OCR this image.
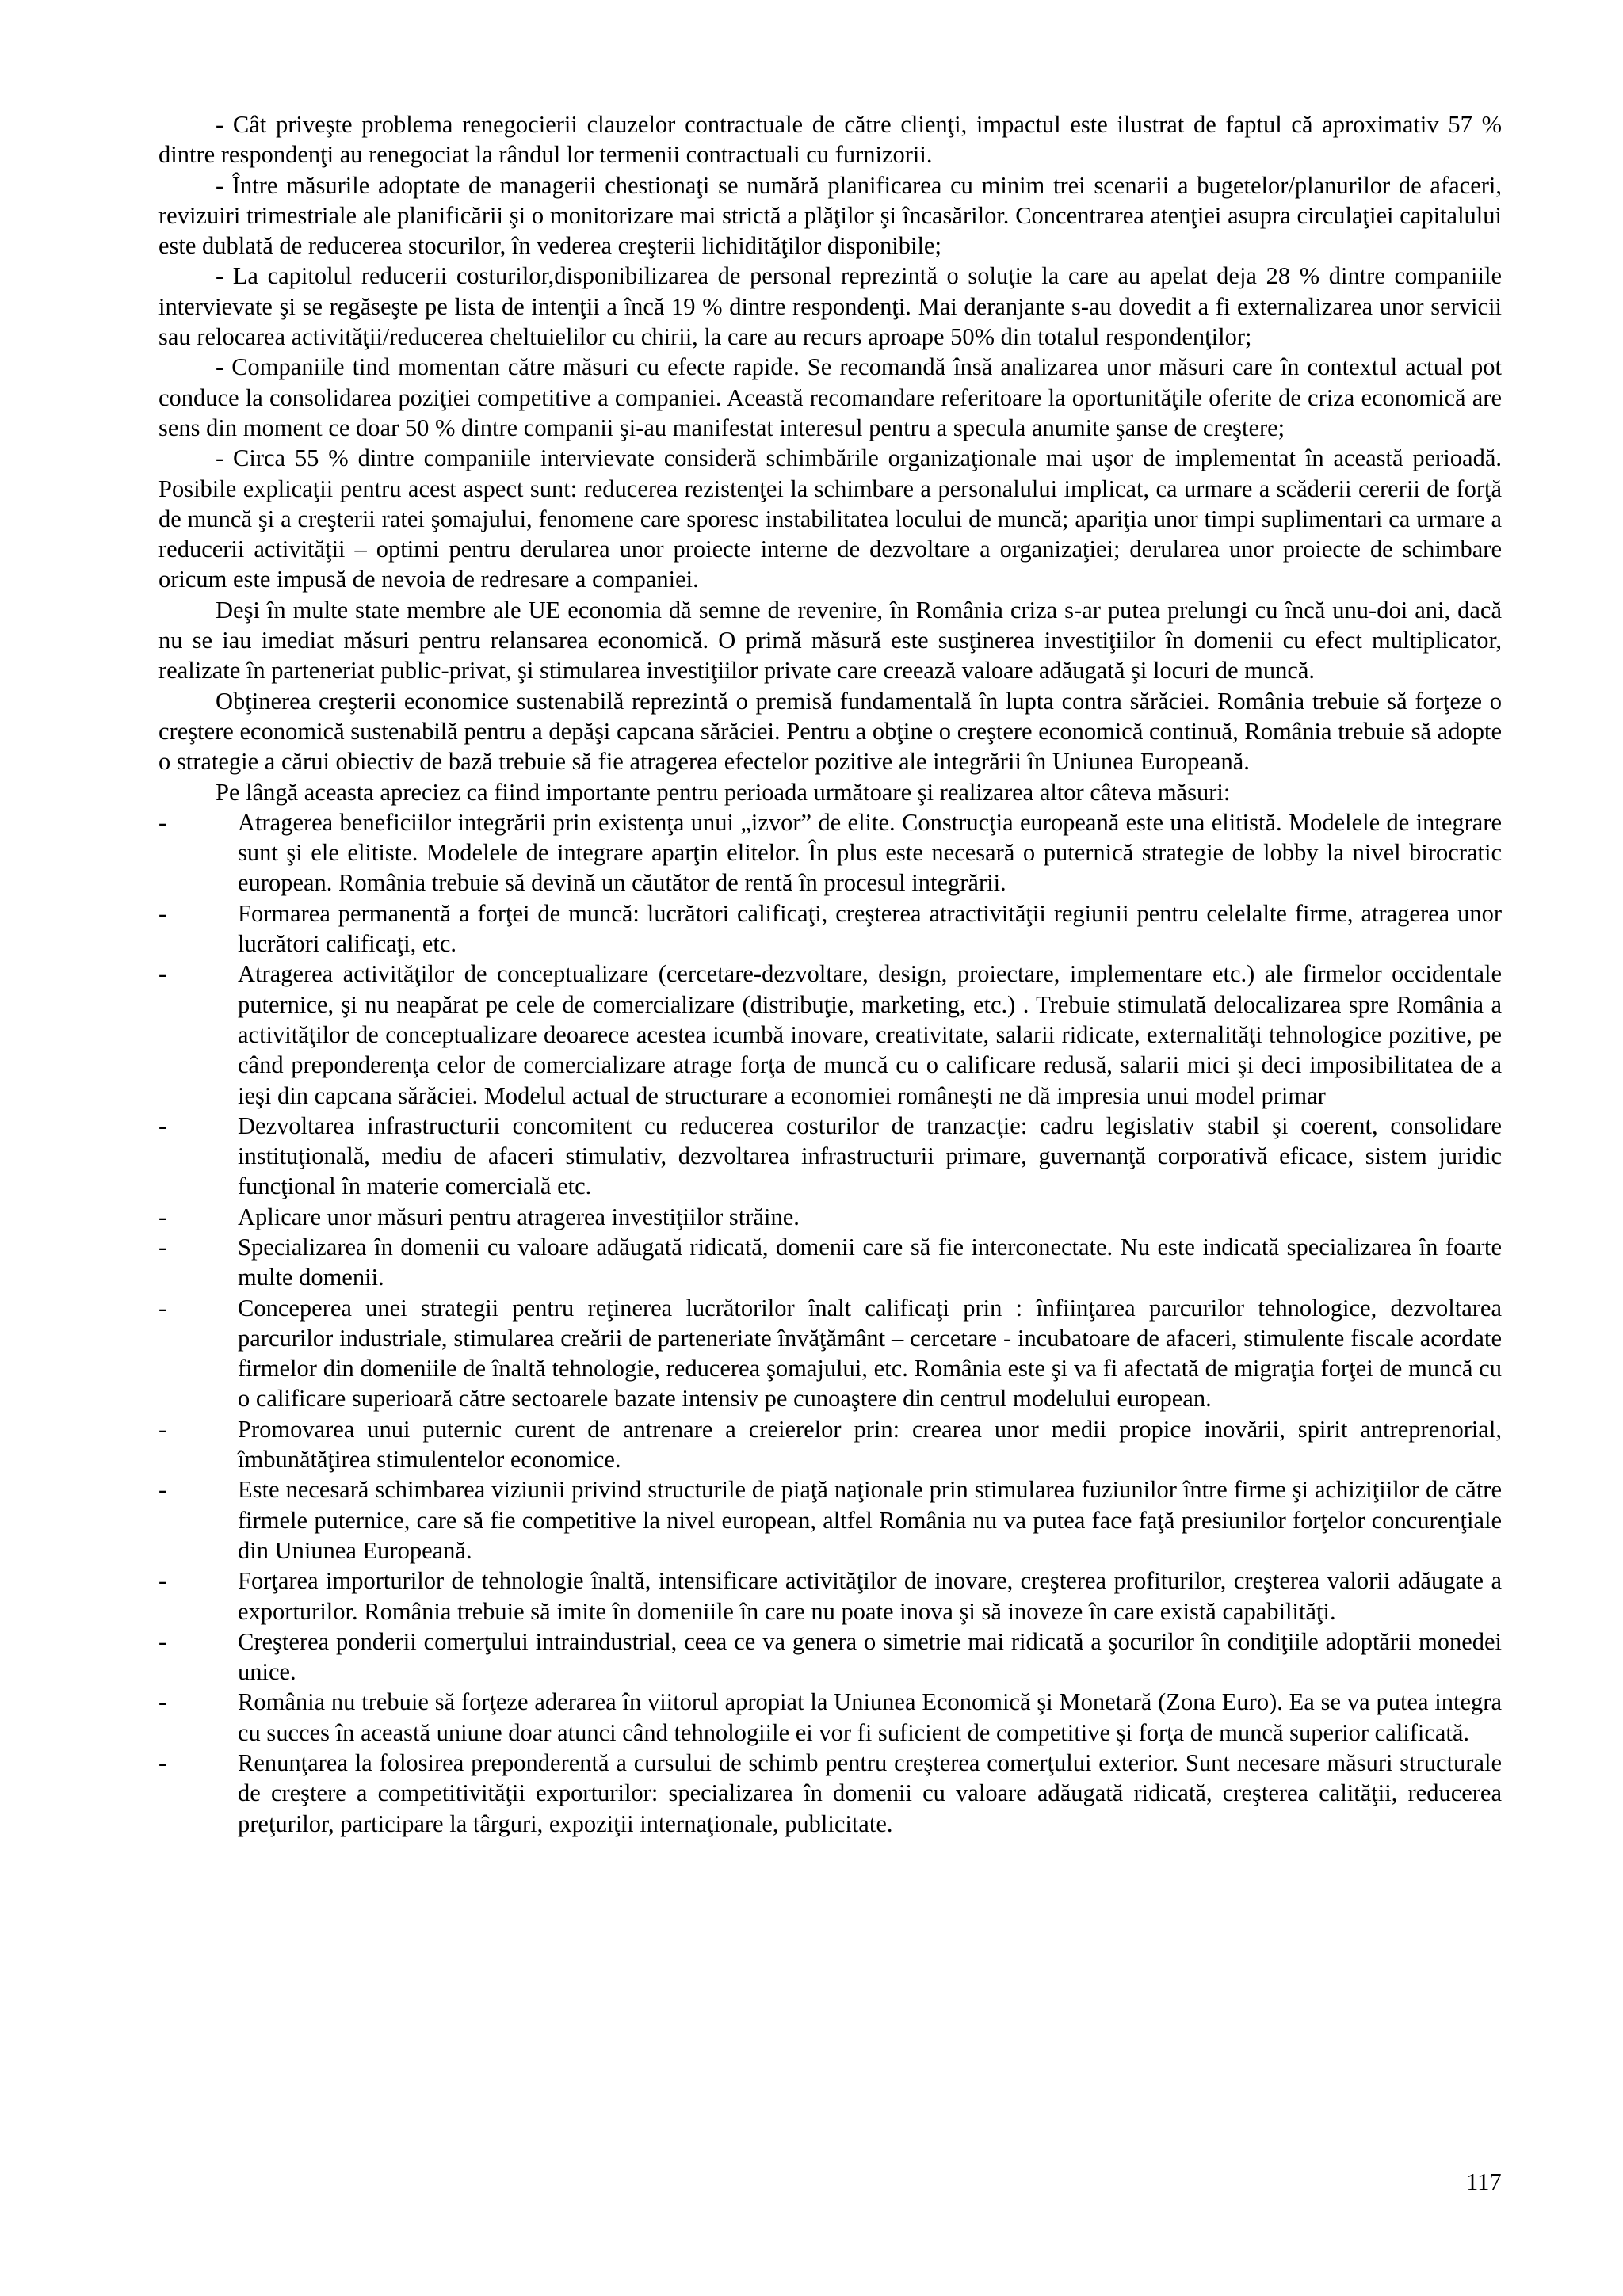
- Cât priveşte problema renegocierii clauzelor contractuale de către clienţi, impactul este ilustrat de faptul că aproximativ 57 % dintre respondenţi au renegociat la rândul lor termenii contractuali cu furnizorii.

- Între măsurile adoptate de managerii chestionaţi se numără planificarea cu minim trei scenarii a bugetelor/planurilor de afaceri, revizuiri trimestriale ale planificării şi o monitorizare mai strictă a plăţilor şi încasărilor. Concentrarea atenţiei asupra circulaţiei capitalului este dublată de reducerea stocurilor, în vederea creşterii lichidităţilor disponibile;

- La capitolul reducerii costurilor,disponibilizarea de personal reprezintă o soluţie la care au apelat deja 28 % dintre companiile intervievate şi se regăseşte pe lista de intenţii a încă 19 % dintre respondenţi. Mai deranjante s-au dovedit a fi externalizarea unor servicii sau relocarea activităţii/reducerea cheltuielilor cu chirii, la care au recurs aproape 50% din totalul respondenţilor;

- Companiile tind momentan către măsuri cu efecte rapide. Se recomandă însă analizarea unor măsuri care în contextul actual pot conduce la consolidarea poziţiei competitive a companiei. Această recomandare referitoare la oportunităţile oferite de criza economică are sens din moment ce doar 50 % dintre companii şi-au manifestat interesul pentru a specula anumite şanse de creştere;

- Circa 55 % dintre companiile intervievate consideră schimbările organizaţionale mai uşor de implementat în această perioadă. Posibile explicaţii pentru acest aspect sunt: reducerea rezistenţei la schimbare a personalului implicat, ca urmare a scăderii cererii de forţă de muncă şi a creşterii ratei şomajului, fenomene care sporesc instabilitatea locului de muncă; apariţia unor timpi suplimentari ca urmare a reducerii activităţii – optimi pentru derularea unor proiecte interne de dezvoltare a organizaţiei; derularea unor proiecte de schimbare oricum este impusă de nevoia de redresare a companiei.

Deşi în multe state membre ale UE economia dă semne de revenire, în România criza s-ar putea prelungi cu încă unu-doi ani, dacă nu se iau imediat măsuri pentru relansarea economică. O primă măsură este susţinerea investiţiilor în domenii cu efect multiplicator, realizate în parteneriat public-privat, şi stimularea investiţiilor private care creează valoare adăugată şi locuri de muncă.

Obţinerea creşterii economice sustenabilă reprezintă o premisă fundamentală în lupta contra sărăciei. România trebuie să forţeze o creştere economică sustenabilă pentru a depăşi capcana sărăciei. Pentru a obţine o creştere economică continuă, România trebuie să adopte o strategie a cărui obiectiv de bază trebuie să fie atragerea efectelor pozitive ale integrării în Uniunea Europeană.

Pe lângă aceasta apreciez ca fiind importante pentru perioada următoare şi realizarea altor câteva măsuri:

-	Atragerea beneficiilor integrării prin existenţa unui „izvor” de elite. Construcţia europeană este una elitistă. Modelele de integrare sunt şi ele elitiste. Modelele de integrare aparţin elitelor. În plus este necesară o puternică strategie de lobby la nivel birocratic european. România trebuie să devină un căutător de rentă în procesul integrării.
-	Formarea permanentă a forţei de muncă: lucrători calificaţi, creşterea atractivităţii regiunii pentru celelalte firme, atragerea unor lucrători calificaţi, etc.
-	Atragerea activităţilor de conceptualizare (cercetare-dezvoltare, design, proiectare, implementare etc.) ale firmelor occidentale puternice, şi nu neapărat pe cele de comercializare (distribuţie, marketing, etc.) . Trebuie stimulată delocalizarea spre România a activităţilor de conceptualizare deoarece acestea icumbă inovare, creativitate, salarii ridicate, externalităţi tehnologice pozitive, pe când preponderenţa celor de comercializare atrage forţa de muncă cu o calificare redusă, salarii mici şi deci imposibilitatea de a ieşi din capcana sărăciei. Modelul actual de structurare a economiei româneşti ne dă impresia unui model primar
-	Dezvoltarea infrastructurii concomitent cu reducerea costurilor de tranzacţie: cadru legislativ stabil şi coerent, consolidare instituţională, mediu de afaceri stimulativ, dezvoltarea infrastructurii primare, guvernanţă corporativă eficace, sistem juridic funcţional în materie comercială etc.
-	Aplicare unor măsuri pentru atragerea investiţiilor străine.
-	Specializarea în domenii cu valoare adăugată ridicată, domenii care să fie interconectate. Nu este indicată specializarea în foarte multe domenii.
-	Conceperea unei strategii pentru reţinerea lucrătorilor înalt calificaţi prin : înfiinţarea parcurilor tehnologice, dezvoltarea parcurilor industriale, stimularea creării de parteneriate învăţământ – cercetare - incubatoare de afaceri, stimulente fiscale acordate firmelor din domeniile de înaltă tehnologie, reducerea şomajului, etc. România este şi va fi afectată de migraţia forţei de muncă cu o calificare superioară către sectoarele bazate intensiv pe cunoaştere din centrul modelului european.
-	Promovarea unui puternic curent de antrenare a creierelor prin: crearea unor medii propice inovării, spirit antreprenorial, îmbunătăţirea stimulentelor economice.
-	Este necesară schimbarea viziunii privind structurile de piaţă naţionale prin stimularea fuziunilor între firme şi achiziţiilor de către firmele puternice, care să fie competitive la nivel european, altfel România nu va putea face faţă presiunilor forţelor concurenţiale din Uniunea Europeană.
-	Forţarea importurilor de tehnologie înaltă, intensificare activităţilor de inovare, creşterea profiturilor, creşterea valorii adăugate a exporturilor. România trebuie să imite în domeniile în care nu poate inova şi să inoveze în care există capabilităţi.
-	Creşterea ponderii comerţului intraindustrial, ceea ce va genera o simetrie mai ridicată a şocurilor în condiţiile adoptării monedei unice.
-	România nu trebuie să forţeze aderarea în viitorul apropiat la Uniunea Economică şi Monetară (Zona Euro). Ea se va putea integra cu succes în această uniune doar atunci când tehnologiile ei vor fi suficient de competitive şi forţa de muncă superior calificată.
-	Renunţarea la folosirea preponderentă a cursului de schimb pentru creşterea comerţului exterior. Sunt necesare măsuri structurale de creştere a competitivităţii exporturilor: specializarea în domenii cu valoare adăugată ridicată, creşterea calităţii, reducerea preţurilor, participare la târguri, expoziţii internaţionale, publicitate.
117
